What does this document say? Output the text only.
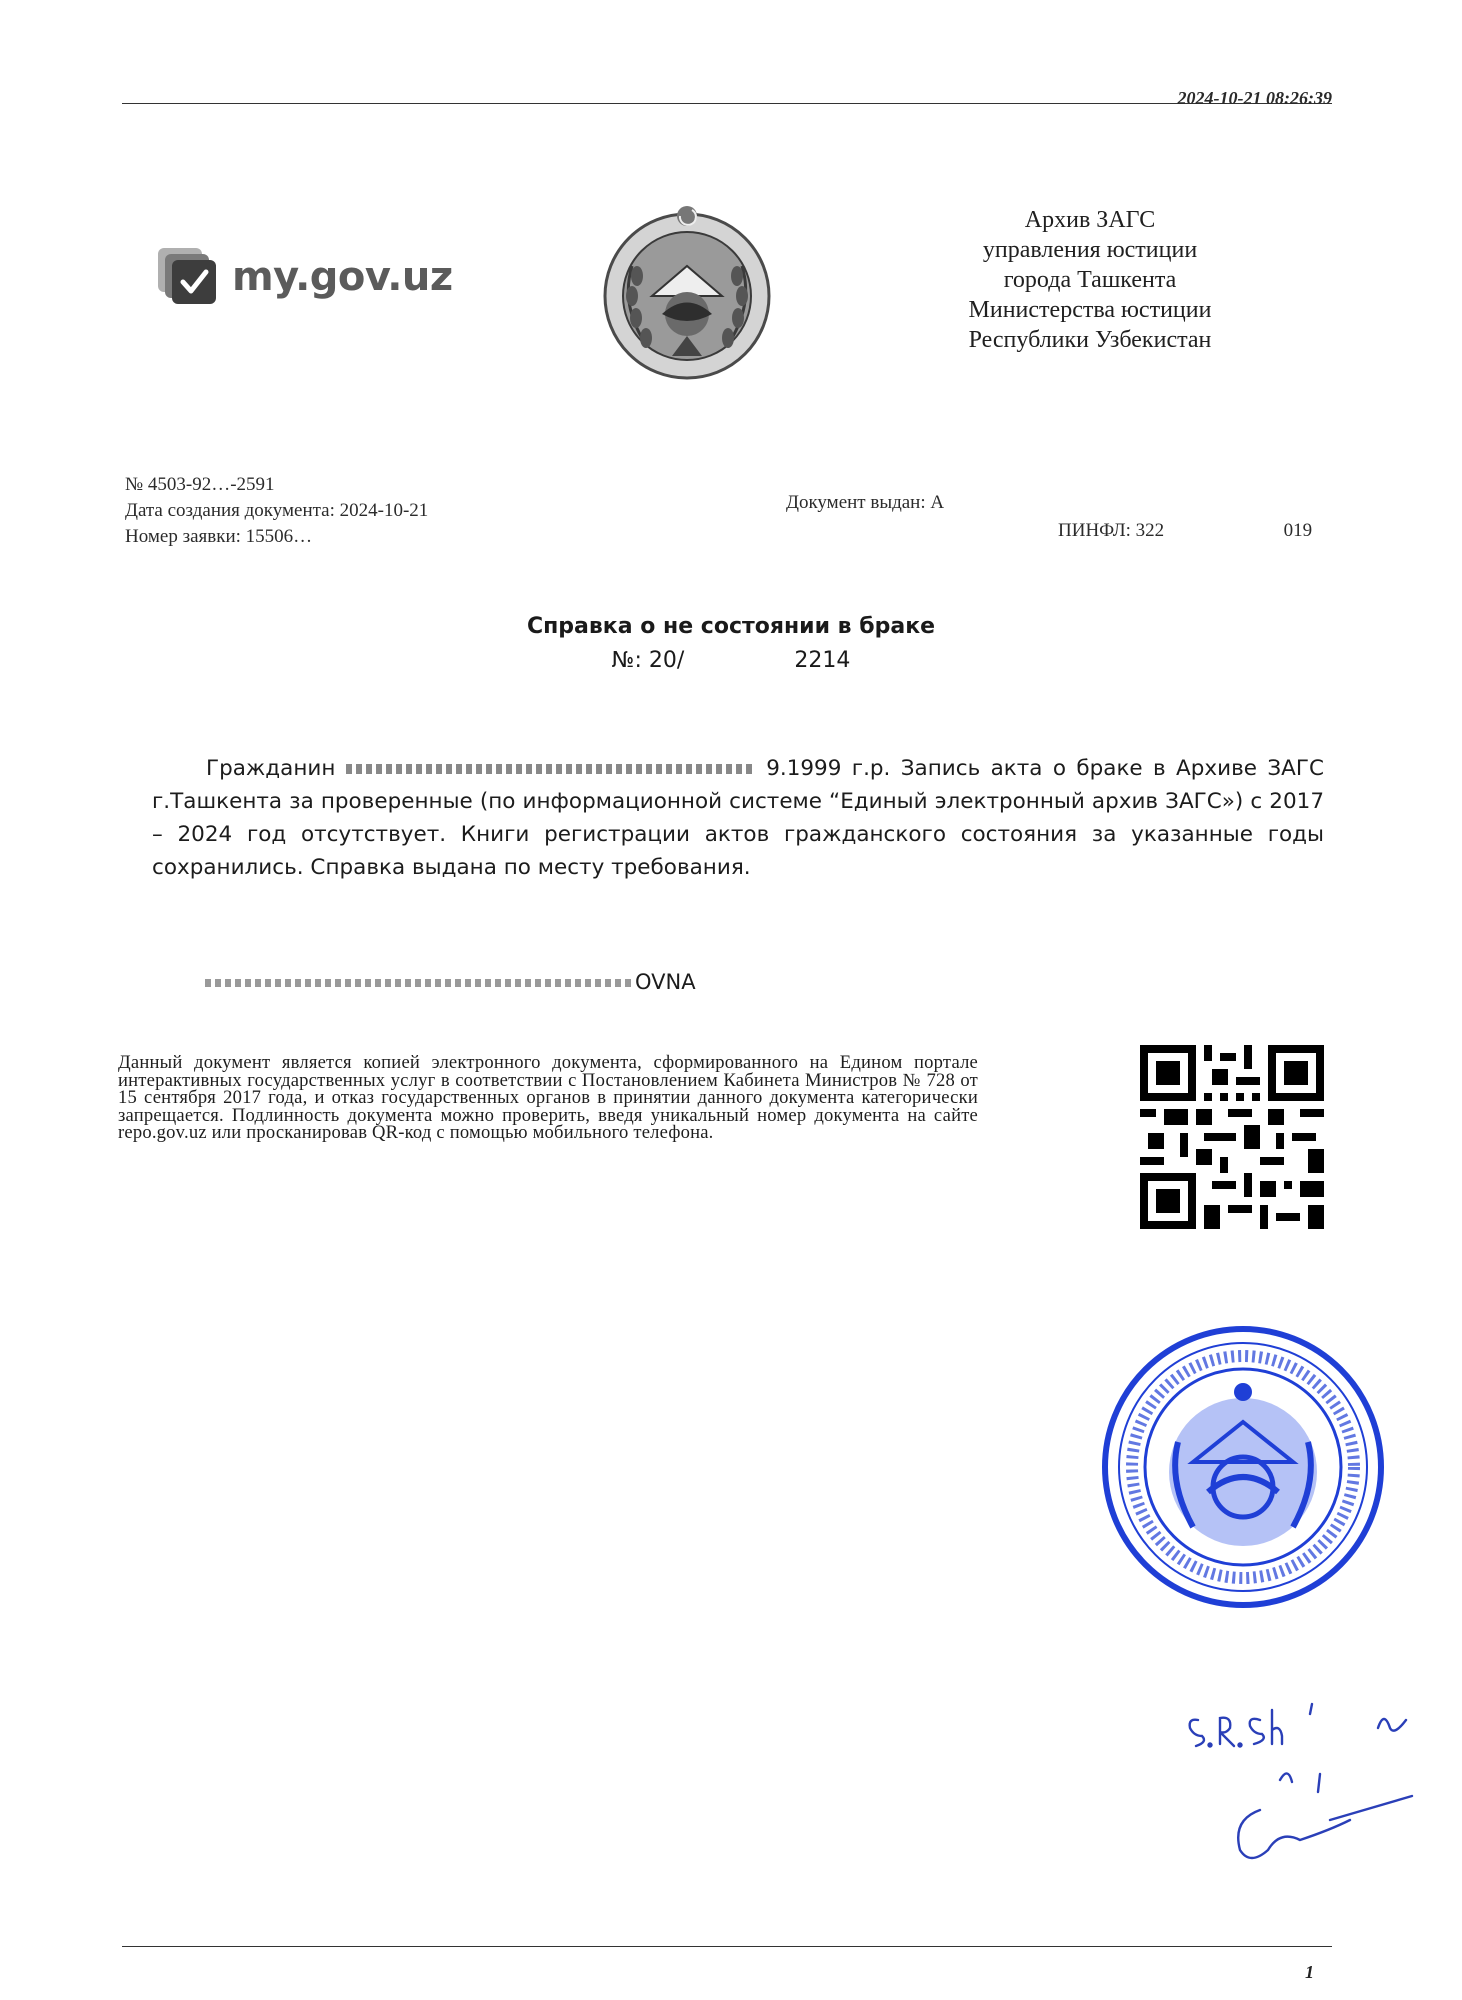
2024-10-21 08:26:39
my.gov.uz
Архив ЗАГС
управления юстиции
города Ташкента
Министерства юстиции
Республики Узбекистан
№ 4503-92…-2591
Дата создания документа: 2024-10-21
Номер заявки: 15506…
Документ выдан: А
ПИНФЛ: 322	019
Справка о не состоянии в браке
№: 20/	2214
Гражданин	9.1999 г.р. Запись акта о браке в Архиве ЗАГС г.Ташкента за проверенные (по информационной системе “Единый электронный архив ЗАГС») с 2017 – 2024 год отсутствует. Книги регистрации актов гражданского состояния за указанные годы сохранились. Справка выдана по месту требования.
OVNA
Данный документ является копией электронного документа, сформированного на Едином портале интерактивных государственных услуг в соответствии с Постановлением Кабинета Министров № 728 от 15 сентября 2017 года, и отказ государственных органов в принятии данного документа категорически запрещается. Подлинность документа можно проверить, введя уникальный номер документа на сайте repo.gov.uz или просканировав QR-код с помощью мобильного телефона.
1
